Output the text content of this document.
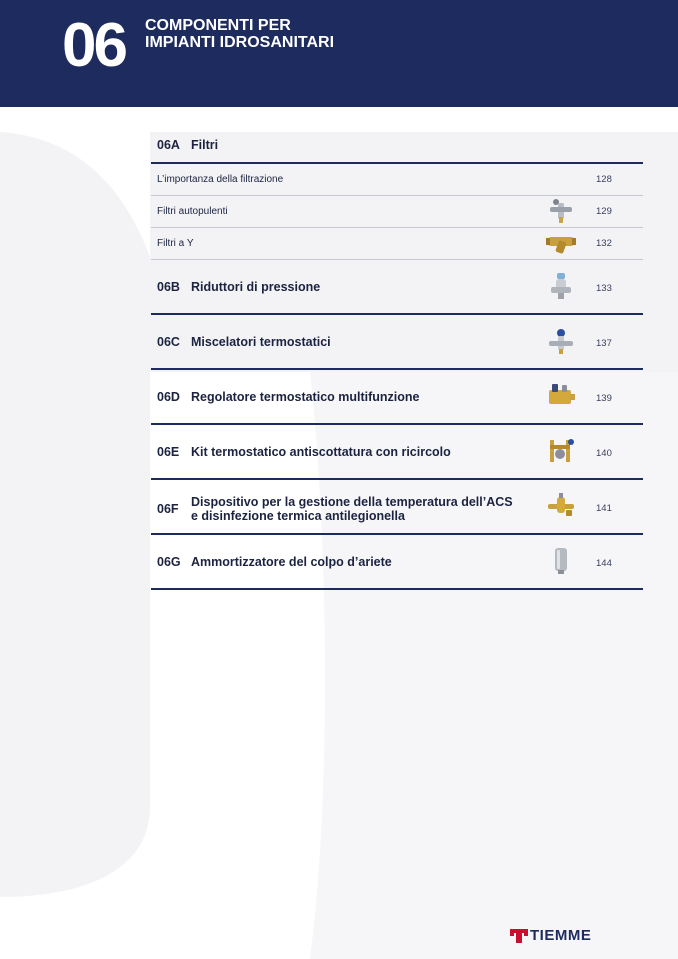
06 COMPONENTI PER
IMPIANTI IDROSANITARI
06A Filtri
L’importanza della filtrazione	128
Filtri autopulenti	129
Filtri a Y	132
06B Riduttori di pressione	133
06C Miscelatori termostatici	137
06D Regolatore termostatico multifunzione	139
06E Kit termostatico antiscottatura con ricircolo	140
06F Dispositivo per la gestione della temperatura dell’ACS
e disinfezione termica antilegionella
141
06G Ammortizzatore del colpo d’ariete	144
TIEMME
